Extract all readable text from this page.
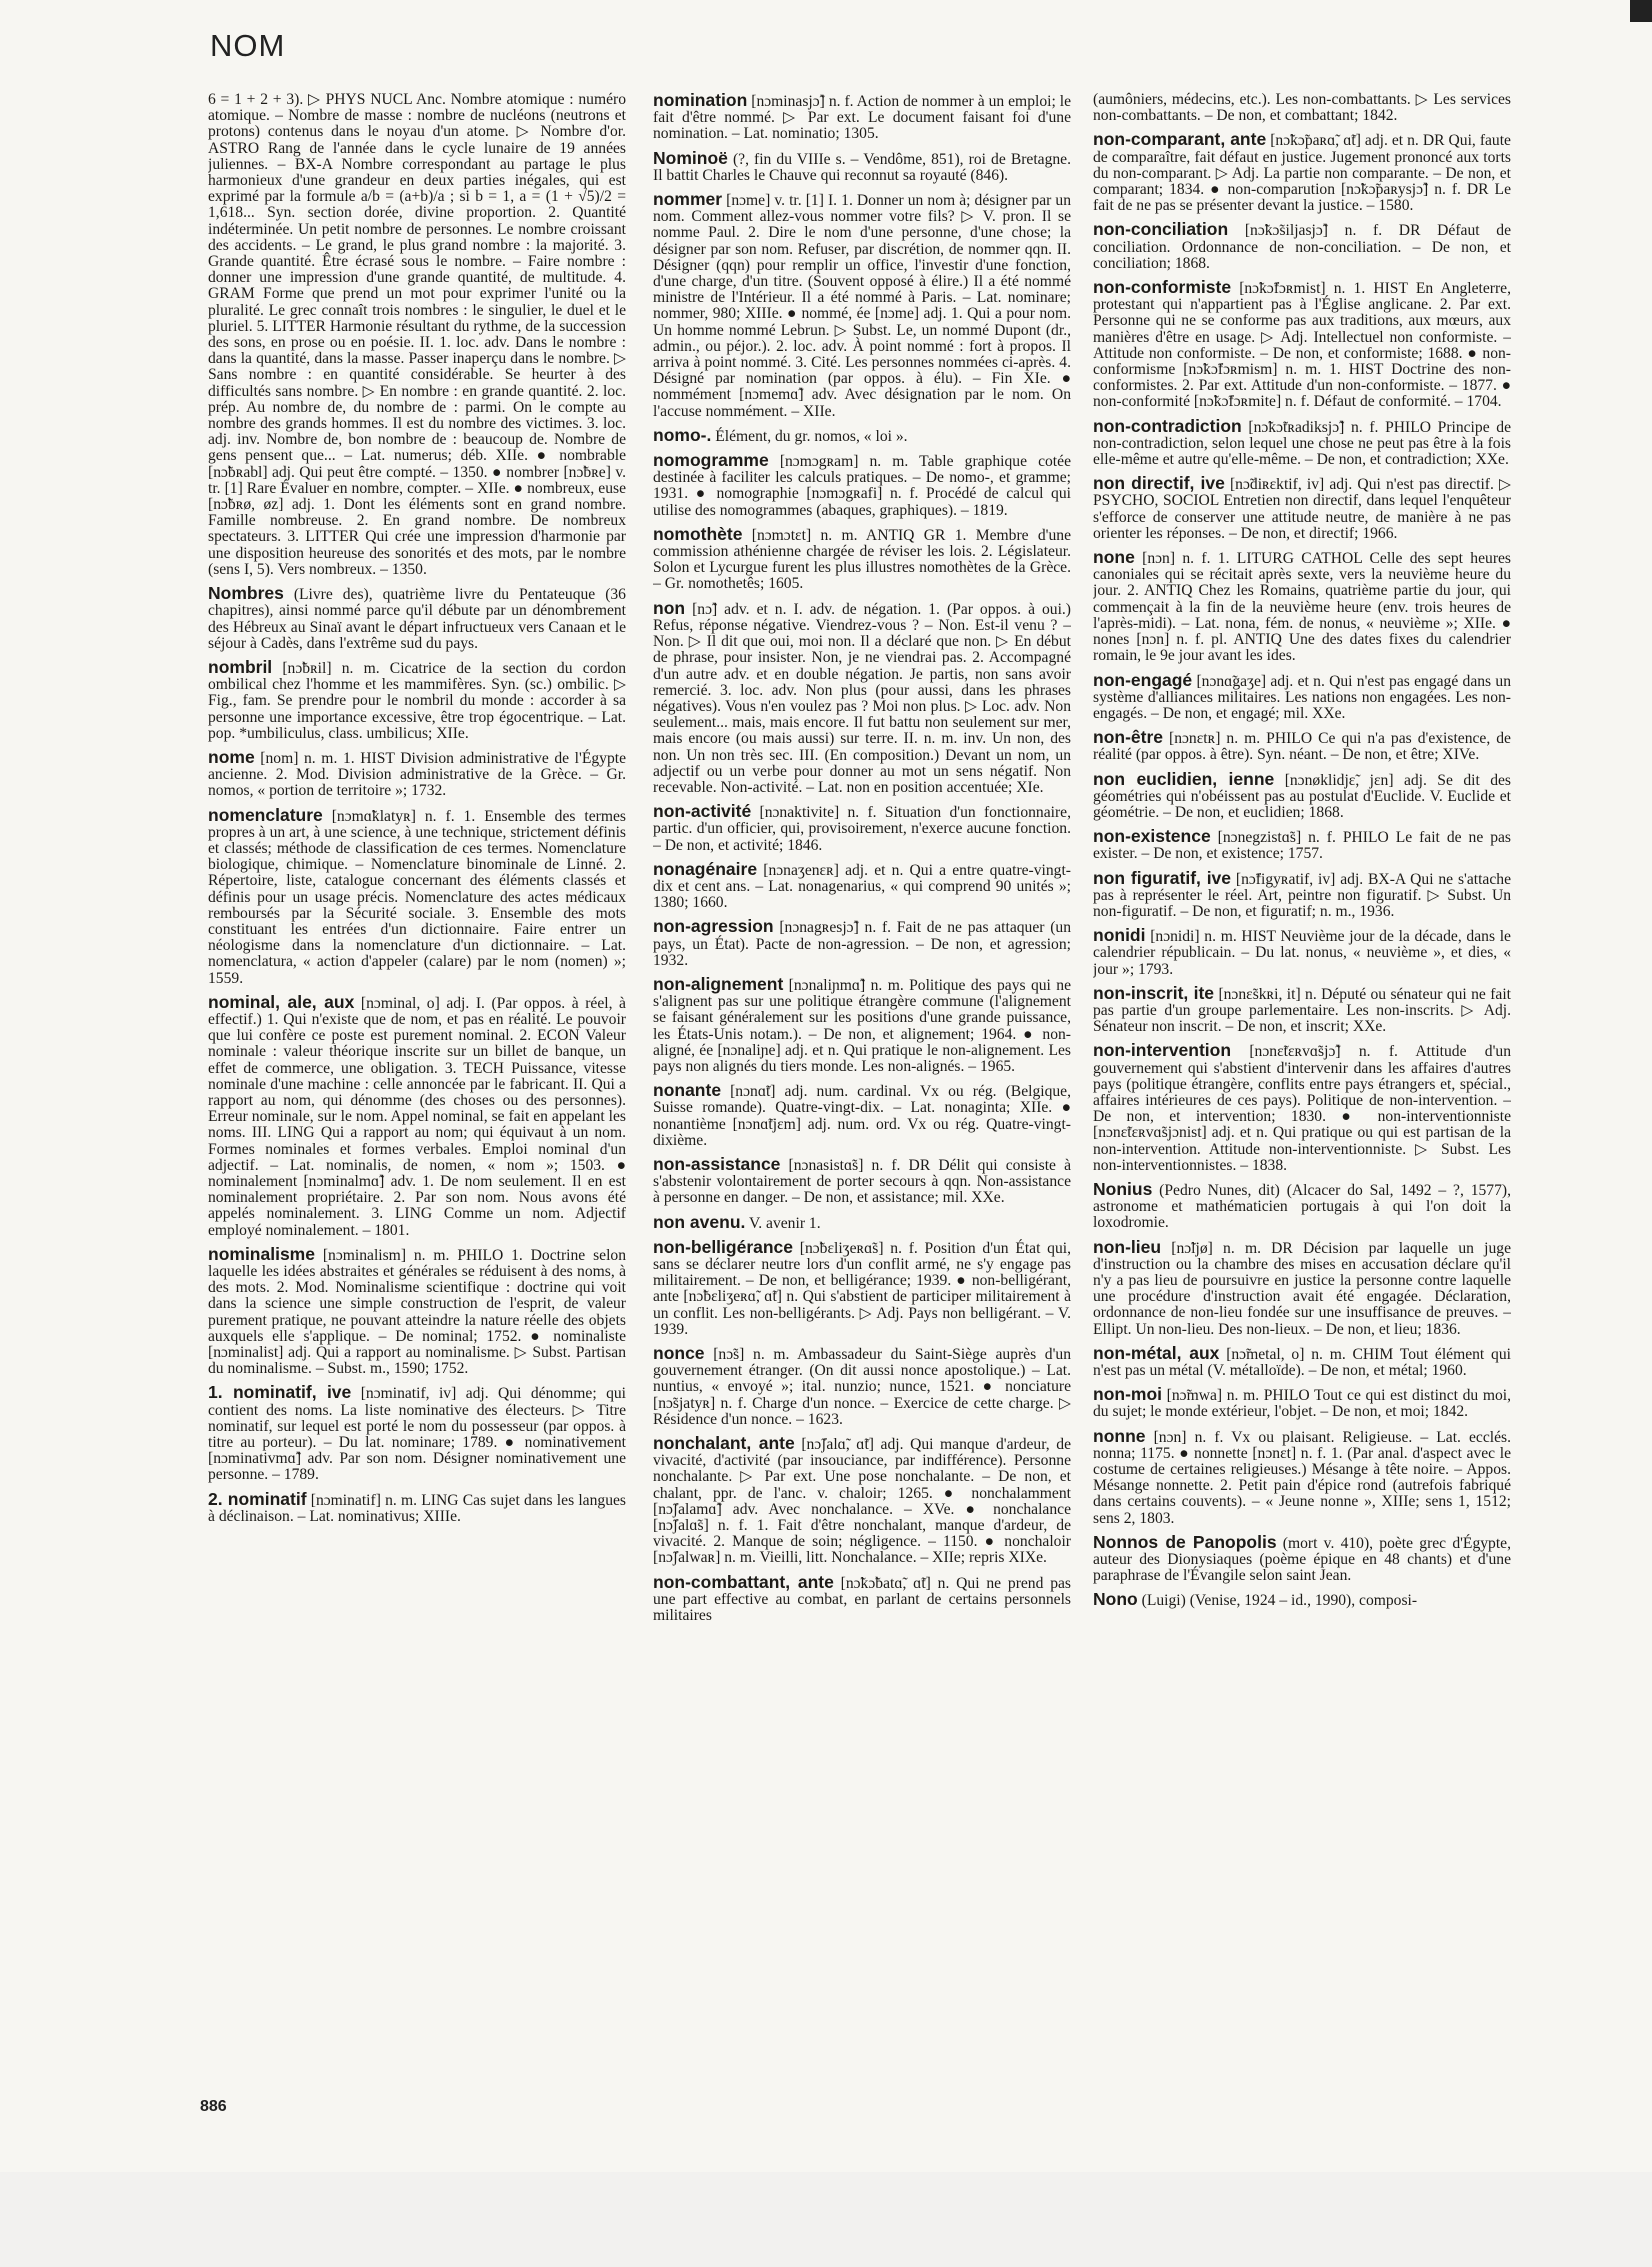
NOM

6 = 1 + 2 + 3). ▷ PHYS NUCL Anc. Nombre atomique : numéro atomique. – Nombre de masse : nombre de nucléons (neutrons et protons) contenus dans le noyau d'un atome. ▷ Nombre d'or. ASTRO Rang de l'année dans le cycle lunaire de 19 années juliennes. – BX-A Nombre correspondant au partage le plus harmonieux d'une grandeur en deux parties inégales, qui est exprimé par la formule a/b = (a+b)/a ; si b = 1, a = (1 + √5)/2 = 1,618... Syn. section dorée, divine proportion. 2. Quantité indéterminée. Un petit nombre de personnes. Le nombre croissant des accidents. – Le grand, le plus grand nombre : la majorité. 3. Grande quantité. Être écrasé sous le nombre. – Faire nombre : donner une impression d'une grande quantité, de multitude. 4. GRAM Forme que prend un mot pour exprimer l'unité ou la pluralité. Le grec connaît trois nombres : le singulier, le duel et le pluriel. 5. LITTER Harmonie résultant du rythme, de la succession des sons, en prose ou en poésie. II. 1. loc. adv. Dans le nombre : dans la quantité, dans la masse. Passer inaperçu dans le nombre. ▷ Sans nombre : en quantité considérable. Se heurter à des difficultés sans nombre. ▷ En nombre : en grande quantité. 2. loc. prép. Au nombre de, du nombre de : parmi. On le compte au nombre des grands hommes. Il est du nombre des victimes. 3. loc. adj. inv. Nombre de, bon nombre de : beaucoup de. Nombre de gens pensent que... – Lat. numerus; déb. XIIe. ● nombrable [nɔ̃bʀabl] adj. Qui peut être compté. – 1350. ● nombrer [nɔ̃bʀe] v. tr. [1] Rare Évaluer en nombre, compter. – XIIe. ● nombreux, euse [nɔ̃bʀø, øz] adj. 1. Dont les éléments sont en grand nombre. Famille nombreuse. 2. En grand nombre. De nombreux spectateurs. 3. LITTER Qui crée une impression d'harmonie par une disposition heureuse des sonorités et des mots, par le nombre (sens I, 5). Vers nombreux. – 1350.

Nombres (Livre des), quatrième livre du Pentateuque (36 chapitres), ainsi nommé parce qu'il débute par un dénombrement des Hébreux au Sinaï avant le départ infructueux vers Canaan et le séjour à Cadès, dans l'extrême sud du pays.

nombril [nɔ̃bʀil] n. m. Cicatrice de la section du cordon ombilical chez l'homme et les mammifères. Syn. (sc.) ombilic. ▷ Fig., fam. Se prendre pour le nombril du monde : accorder à sa personne une importance excessive, être trop égocentrique. – Lat. pop. *umbiliculus, class. umbilicus; XIIe.

nome [nom] n. m. 1. HIST Division administrative de l'Égypte ancienne. 2. Mod. Division administrative de la Grèce. – Gr. nomos, « portion de territoire »; 1732.

nomenclature [nɔmɑ̃klatyʀ] n. f. 1. Ensemble des termes propres à un art, à une science, à une technique, strictement définis et classés; méthode de classification de ces termes. Nomenclature biologique, chimique. – Nomenclature binominale de Linné. 2. Répertoire, liste, catalogue concernant des éléments classés et définis pour un usage précis. Nomenclature des actes médicaux remboursés par la Sécurité sociale. 3. Ensemble des mots constituant les entrées d'un dictionnaire. Faire entrer un néologisme dans la nomenclature d'un dictionnaire. – Lat. nomenclatura, « action d'appeler (calare) par le nom (nomen) »; 1559.

nominal, ale, aux [nɔminal, o] adj. I. (Par oppos. à réel, à effectif.) 1. Qui n'existe que de nom, et pas en réalité. Le pouvoir que lui confère ce poste est purement nominal. 2. ECON Valeur nominale : valeur théorique inscrite sur un billet de banque, un effet de commerce, une obligation. 3. TECH Puissance, vitesse nominale d'une machine : celle annoncée par le fabricant. II. Qui a rapport au nom, qui dénomme (des choses ou des personnes). Erreur nominale, sur le nom. Appel nominal, se fait en appelant les noms. III. LING Qui a rapport au nom; qui équivaut à un nom. Formes nominales et formes verbales. Emploi nominal d'un adjectif. – Lat. nominalis, de nomen, « nom »; 1503. ● nominalement [nɔminalmɑ̃] adv. 1. De nom seulement. Il en est nominalement propriétaire. 2. Par son nom. Nous avons été appelés nominalement. 3. LING Comme un nom. Adjectif employé nominalement. – 1801.

nominalisme [nɔminalism] n. m. PHILO 1. Doctrine selon laquelle les idées abstraites et générales se réduisent à des noms, à des mots. 2. Mod. Nominalisme scientifique : doctrine qui voit dans la science une simple construction de l'esprit, de valeur purement pratique, ne pouvant atteindre la nature réelle des objets auxquels elle s'applique. – De nominal; 1752. ● nominaliste [nɔminalist] adj. Qui a rapport au nominalisme. ▷ Subst. Partisan du nominalisme. – Subst. m., 1590; 1752.

1. nominatif, ive [nɔminatif, iv] adj. Qui dénomme; qui contient des noms. La liste nominative des électeurs. ▷ Titre nominatif, sur lequel est porté le nom du possesseur (par oppos. à titre au porteur). – Du lat. nominare; 1789. ● nominativement [nɔminativmɑ̃] adv. Par son nom. Désigner nominativement une personne. – 1789.

2. nominatif [nɔminatif] n. m. LING Cas sujet dans les langues à déclinaison. – Lat. nominativus; XIIIe.

nomination [nɔminasjɔ̃] n. f. Action de nommer à un emploi; le fait d'être nommé. ▷ Par ext. Le document faisant foi d'une nomination. – Lat. nominatio; 1305.

Nominoë (?, fin du VIIIe s. – Vendôme, 851), roi de Bretagne. Il battit Charles le Chauve qui reconnut sa royauté (846).

nommer [nɔme] v. tr. [1] I. 1. Donner un nom à; désigner par un nom. Comment allez-vous nommer votre fils? ▷ V. pron. Il se nomme Paul. 2. Dire le nom d'une personne, d'une chose; la désigner par son nom. Refuser, par discrétion, de nommer qqn. II. Désigner (qqn) pour remplir un office, l'investir d'une fonction, d'une charge, d'un titre. (Souvent opposé à élire.) Il a été nommé ministre de l'Intérieur. Il a été nommé à Paris. – Lat. nominare; nommer, 980; XIIIe. ● nommé, ée [nɔme] adj. 1. Qui a pour nom. Un homme nommé Lebrun. ▷ Subst. Le, un nommé Dupont (dr., admin., ou péjor.). 2. loc. adv. À point nommé : fort à propos. Il arriva à point nommé. 3. Cité. Les personnes nommées ci-après. 4. Désigné par nomination (par oppos. à élu). – Fin XIe. ● nommément [nɔmemɑ̃] adv. Avec désignation par le nom. On l'accuse nommément. – XIIe.

nomo-. Élément, du gr. nomos, « loi ».

nomogramme [nɔmɔgʀam] n. m. Table graphique cotée destinée à faciliter les calculs pratiques. – De nomo-, et gramme; 1931. ● nomographie [nɔmɔgʀafi] n. f. Procédé de calcul qui utilise des nomogrammes (abaques, graphiques). – 1819.

nomothète [nɔmɔtɛt] n. m. ANTIQ GR 1. Membre d'une commission athénienne chargée de réviser les lois. 2. Législateur. Solon et Lycurgue furent les plus illustres nomothètes de la Grèce. – Gr. nomothetês; 1605.

non [nɔ̃] adv. et n. I. adv. de négation. 1. (Par oppos. à oui.) Refus, réponse négative. Viendrez-vous ? – Non. Est-il venu ? – Non. ▷ Il dit que oui, moi non. Il a déclaré que non. ▷ En début de phrase, pour insister. Non, je ne viendrai pas. 2. Accompagné d'un autre adv. et en double négation. Je partis, non sans avoir remercié. 3. loc. adv. Non plus (pour aussi, dans les phrases négatives). Vous n'en voulez pas ? Moi non plus. ▷ Loc. adv. Non seulement... mais, mais encore. Il fut battu non seulement sur mer, mais encore (ou mais aussi) sur terre. II. n. m. inv. Un non, des non. Un non très sec. III. (En composition.) Devant un nom, un adjectif ou un verbe pour donner au mot un sens négatif. Non recevable. Non-activité. – Lat. non en position accentuée; XIe.

non-activité [nɔnaktivite] n. f. Situation d'un fonctionnaire, partic. d'un officier, qui, provisoirement, n'exerce aucune fonction. – De non, et activité; 1846.

nonagénaire [nɔnaʒenɛʀ] adj. et n. Qui a entre quatre-vingt-dix et cent ans. – Lat. nonagenarius, « qui comprend 90 unités »; 1380; 1660.

non-agression [nɔnagʀesjɔ̃] n. f. Fait de ne pas attaquer (un pays, un État). Pacte de non-agression. – De non, et agression; 1932.

non-alignement [nɔnaliɲmɑ̃] n. m. Politique des pays qui ne s'alignent pas sur une politique étrangère commune (l'alignement se faisant généralement sur les positions d'une grande puissance, les États-Unis notam.). – De non, et alignement; 1964. ● non-aligné, ée [nɔnaliɲe] adj. et n. Qui pratique le non-alignement. Les pays non alignés du tiers monde. Les non-alignés. – 1965.

nonante [nɔnɑ̃t] adj. num. cardinal. Vx ou rég. (Belgique, Suisse romande). Quatre-vingt-dix. – Lat. nonaginta; XIIe. ● nonantième [nɔnɑ̃tjɛm] adj. num. ord. Vx ou rég. Quatre-vingt-dixième.

non-assistance [nɔnasistɑ̃s] n. f. DR Délit qui consiste à s'abstenir volontairement de porter secours à qqn. Non-assistance à personne en danger. – De non, et assistance; mil. XXe.

non avenu. V. avenir 1.

non-belligérance [nɔ̃bɛliʒeʀɑ̃s] n. f. Position d'un État qui, sans se déclarer neutre lors d'un conflit armé, ne s'y engage pas militairement. – De non, et belligérance; 1939. ● non-belligérant, ante [nɔ̃bɛliʒeʀɑ̃, ɑ̃t] n. Qui s'abstient de participer militairement à un conflit. Les non-belligérants. ▷ Adj. Pays non belligérant. – V. 1939.

nonce [nɔ̃s] n. m. Ambassadeur du Saint-Siège auprès d'un gouvernement étranger. (On dit aussi nonce apostolique.) – Lat. nuntius, « envoyé »; ital. nunzio; nunce, 1521. ● nonciature [nɔ̃sjatyʀ] n. f. Charge d'un nonce. – Exercice de cette charge. ▷ Résidence d'un nonce. – 1623.

nonchalant, ante [nɔ̃ʃalɑ̃, ɑ̃t] adj. Qui manque d'ardeur, de vivacité, d'activité (par insouciance, par indifférence). Personne nonchalante. ▷ Par ext. Une pose nonchalante. – De non, et chalant, ppr. de l'anc. v. chaloir; 1265. ● nonchalamment [nɔ̃ʃalamɑ̃] adv. Avec nonchalance. – XVe. ● nonchalance [nɔ̃ʃalɑ̃s] n. f. 1. Fait d'être nonchalant, manque d'ardeur, de vivacité. 2. Manque de soin; négligence. – 1150. ● nonchaloir [nɔ̃ʃalwaʀ] n. m. Vieilli, litt. Nonchalance. – XIIe; repris XIXe.

non-combattant, ante [nɔ̃kɔ̃batɑ̃, ɑ̃t] n. Qui ne prend pas une part effective au combat, en parlant de certains personnels militaires

(aumôniers, médecins, etc.). Les non-combattants. ▷ Les services non-combattants. – De non, et combattant; 1842.

non-comparant, ante [nɔ̃kɔ̃paʀɑ̃, ɑ̃t] adj. et n. DR Qui, faute de comparaître, fait défaut en justice. Jugement prononcé aux torts du non-comparant. ▷ Adj. La partie non comparante. – De non, et comparant; 1834. ● non-comparution [nɔ̃kɔ̃paʀysjɔ̃] n. f. DR Le fait de ne pas se présenter devant la justice. – 1580.

non-conciliation [nɔ̃kɔ̃siljasjɔ̃] n. f. DR Défaut de conciliation. Ordonnance de non-conciliation. – De non, et conciliation; 1868.

non-conformiste [nɔ̃kɔ̃fɔʀmist] n. 1. HIST En Angleterre, protestant qui n'appartient pas à l'Église anglicane. 2. Par ext. Personne qui ne se conforme pas aux traditions, aux mœurs, aux manières d'être en usage. ▷ Adj. Intellectuel non conformiste. – Attitude non conformiste. – De non, et conformiste; 1688. ● non-conformisme [nɔ̃kɔ̃fɔʀmism] n. m. 1. HIST Doctrine des non-conformistes. 2. Par ext. Attitude d'un non-conformiste. – 1877. ● non-conformité [nɔ̃kɔ̃fɔʀmite] n. f. Défaut de conformité. – 1704.

non-contradiction [nɔ̃kɔ̃tʀadiksjɔ̃] n. f. PHILO Principe de non-contradiction, selon lequel une chose ne peut pas être à la fois elle-même et autre qu'elle-même. – De non, et contradiction; XXe.

non directif, ive [nɔ̃diʀɛktif, iv] adj. Qui n'est pas directif. ▷ PSYCHO, SOCIOL Entretien non directif, dans lequel l'enquêteur s'efforce de conserver une attitude neutre, de manière à ne pas orienter les réponses. – De non, et directif; 1966.

none [nɔn] n. f. 1. LITURG CATHOL Celle des sept heures canoniales qui se récitait après sexte, vers la neuvième heure du jour. 2. ANTIQ Chez les Romains, quatrième partie du jour, qui commençait à la fin de la neuvième heure (env. trois heures de l'après-midi). – Lat. nona, fém. de nonus, « neuvième »; XIIe. ● nones [nɔn] n. f. pl. ANTIQ Une des dates fixes du calendrier romain, le 9e jour avant les ides.

non-engagé [nɔnɑ̃gaʒe] adj. et n. Qui n'est pas engagé dans un système d'alliances militaires. Les nations non engagées. Les non-engagés. – De non, et engagé; mil. XXe.

non-être [nɔnɛtʀ] n. m. PHILO Ce qui n'a pas d'existence, de réalité (par oppos. à être). Syn. néant. – De non, et être; XIVe.

non euclidien, ienne [nɔnøklidjɛ̃, jɛn] adj. Se dit des géométries qui n'obéissent pas au postulat d'Euclide. V. Euclide et géométrie. – De non, et euclidien; 1868.

non-existence [nɔnegzistɑ̃s] n. f. PHILO Le fait de ne pas exister. – De non, et existence; 1757.

non figuratif, ive [nɔ̃figyʀatif, iv] adj. BX-A Qui ne s'attache pas à représenter le réel. Art, peintre non figuratif. ▷ Subst. Un non-figuratif. – De non, et figuratif; n. m., 1936.

nonidi [nɔnidi] n. m. HIST Neuvième jour de la décade, dans le calendrier républicain. – Du lat. nonus, « neuvième », et dies, « jour »; 1793.

non-inscrit, ite [nɔnɛ̃skʀi, it] n. Député ou sénateur qui ne fait pas partie d'un groupe parlementaire. Les non-inscrits. ▷ Adj. Sénateur non inscrit. – De non, et inscrit; XXe.

non-intervention [nɔnɛ̃tɛʀvɑ̃sjɔ̃] n. f. Attitude d'un gouvernement qui s'abstient d'intervenir dans les affaires d'autres pays (politique étrangère, conflits entre pays étrangers et, spécial., affaires intérieures de ces pays). Politique de non-intervention. – De non, et intervention; 1830. ● non-interventionniste [nɔnɛ̃tɛʀvɑ̃sjɔnist] adj. et n. Qui pratique ou qui est partisan de la non-intervention. Attitude non-interventionniste. ▷ Subst. Les non-interventionnistes. – 1838.

Nonius (Pedro Nunes, dit) (Alcacer do Sal, 1492 – ?, 1577), astronome et mathématicien portugais à qui l'on doit la loxodromie.

non-lieu [nɔ̃ljø] n. m. DR Décision par laquelle un juge d'instruction ou la chambre des mises en accusation déclare qu'il n'y a pas lieu de poursuivre en justice la personne contre laquelle une procédure d'instruction avait été engagée. Déclaration, ordonnance de non-lieu fondée sur une insuffisance de preuves. – Ellipt. Un non-lieu. Des non-lieux. – De non, et lieu; 1836.

non-métal, aux [nɔ̃metal, o] n. m. CHIM Tout élément qui n'est pas un métal (V. métalloïde). – De non, et métal; 1960.

non-moi [nɔ̃mwa] n. m. PHILO Tout ce qui est distinct du moi, du sujet; le monde extérieur, l'objet. – De non, et moi; 1842.

nonne [nɔn] n. f. Vx ou plaisant. Religieuse. – Lat. ecclés. nonna; 1175. ● nonnette [nɔnɛt] n. f. 1. (Par anal. d'aspect avec le costume de certaines religieuses.) Mésange à tête noire. – Appos. Mésange nonnette. 2. Petit pain d'épice rond (autrefois fabriqué dans certains couvents). – « Jeune nonne », XIIIe; sens 1, 1512; sens 2, 1803.

Nonnos de Panopolis (mort v. 410), poète grec d'Égypte, auteur des Dionysiaques (poème épique en 48 chants) et d'une paraphrase de l'Évangile selon saint Jean.

Nono (Luigi) (Venise, 1924 – id., 1990), composi-

886
